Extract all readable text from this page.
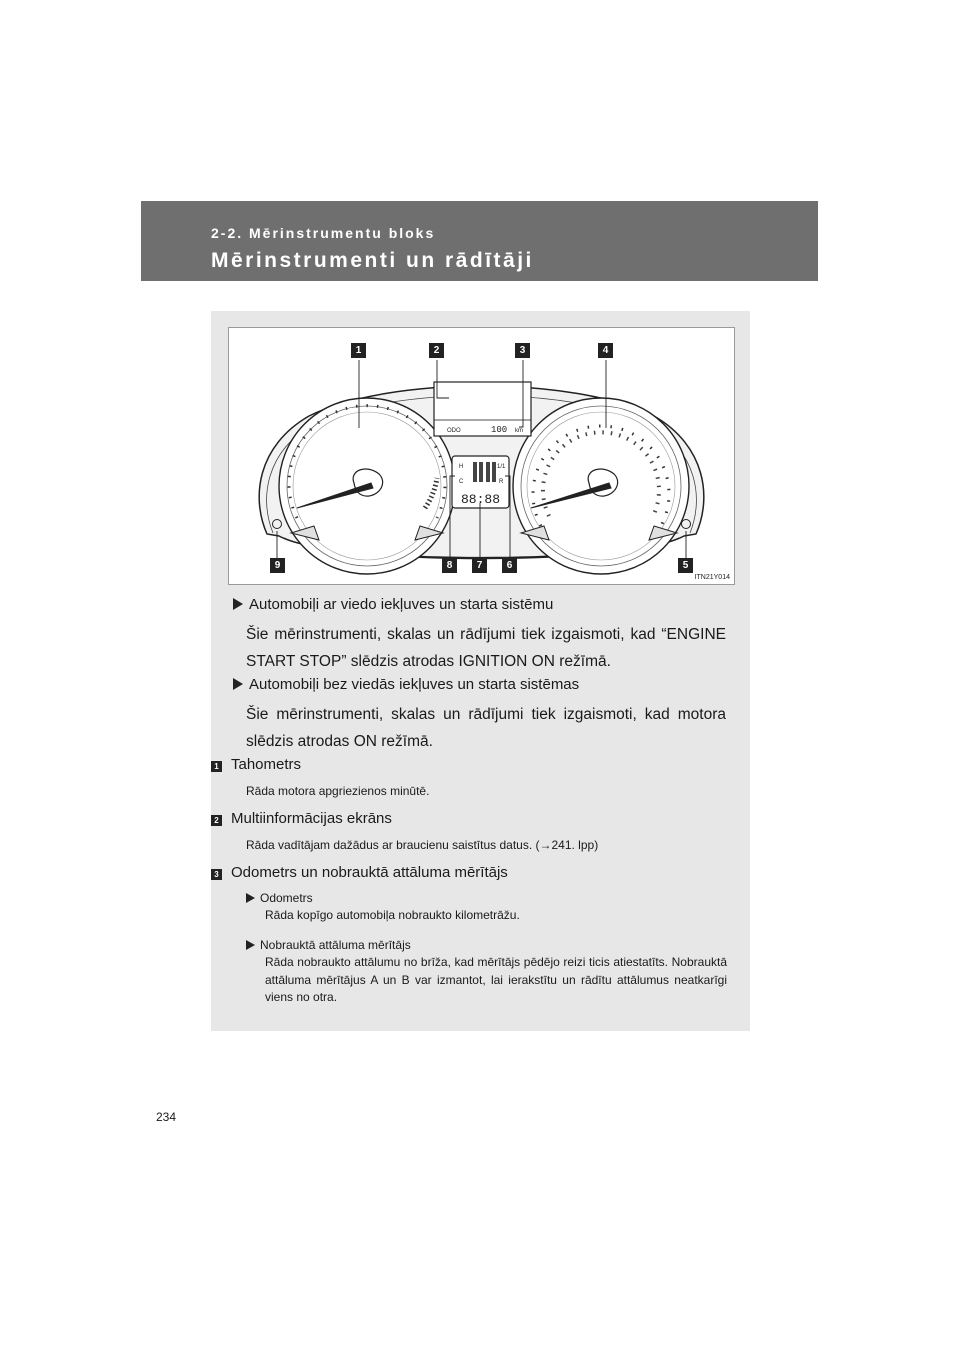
2-2. Mērinstrumentu bloks
Mērinstrumenti un rādītāji
ODO	100 km
H
C
1/1
R
88:88
1	2	3	4
9	8	7	6	5
ITN21Y014
Automobiļi ar viedo iekļuves un starta sistēmu
Šie mērinstrumenti, skalas un rādījumi tiek izgaismoti, kad “ENGINE START STOP” slēdzis atrodas IGNITION ON režīmā.
Automobiļi bez viedās iekļuves un starta sistēmas
Šie mērinstrumenti, skalas un rādījumi tiek izgaismoti, kad motora slēdzis atrodas ON režīmā.
1 Tahometrs
Rāda motora apgriezienos minūtē.
2 Multiinformācijas ekrāns
Rāda vadītājam dažādus ar braucienu saistītus datus. (→241. lpp)
3 Odometrs un nobrauktā attāluma mērītājs
Odometrs
Rāda kopīgo automobiļa nobraukto kilometrāžu.
Nobrauktā attāluma mērītājs
Rāda nobraukto attālumu no brīža, kad mērītājs pēdējo reizi ticis atiestatīts. Nobrauktā attāluma mērītājus A un B var izmantot, lai ierakstītu un rādītu attālumus neatkarīgi viens no otra.
234
